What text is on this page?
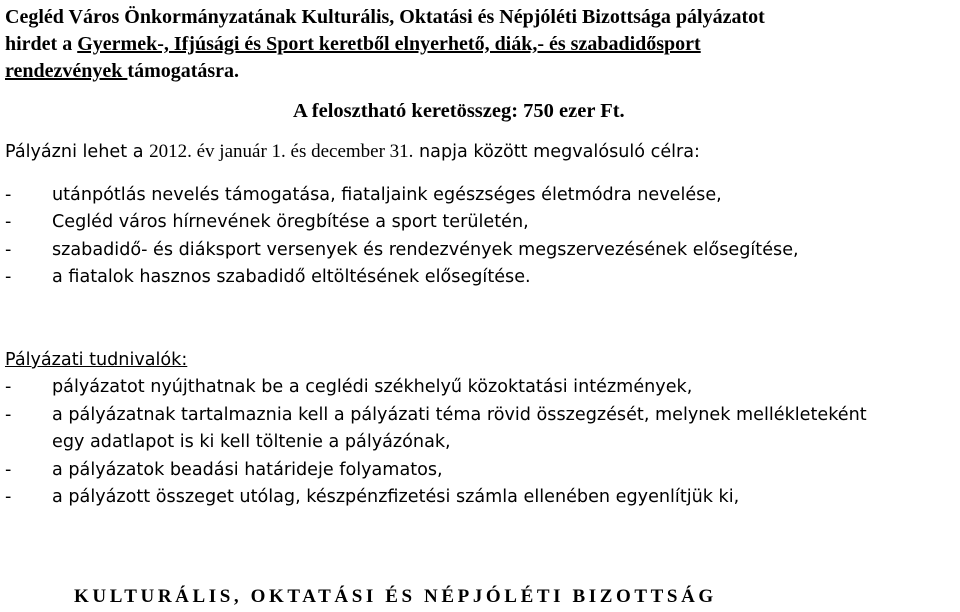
Cegléd Város Önkormányzatának Kulturális, Oktatási és Népjóléti Bizottsága pályázatot
hirdet a Gyermek-, Ifjúsági és Sport keretből elnyerhető, diák,- és szabadidősport
rendezvények támogatásra.
A felosztható keretösszeg: 750 ezer Ft.
Pályázni lehet a 2012. év január 1. és december 31. napja között megvalósuló célra:
-	utánpótlás nevelés támogatása, fiataljaink egészséges életmódra nevelése,
-	Cegléd város hírnevének öregbítése a sport területén,
-	szabadidő- és diáksport versenyek és rendezvények megszervezésének elősegítése,
-	a fiatalok hasznos szabadidő eltöltésének elősegítése.
Pályázati tudnivalók:
-	pályázatot nyújthatnak be a ceglédi székhelyű közoktatási intézmények,
-	a pályázatnak tartalmaznia kell a pályázati téma rövid összegzését, melynek mellékleteként
egy adatlapot is ki kell töltenie a pályázónak,
-	a pályázatok beadási határideje folyamatos,
-	a pályázott összeget utólag, készpénzfizetési számla ellenében egyenlítjük ki,
KULTURÁLIS, OKTATÁSI ÉS NÉPJÓLÉTI BIZOTTSÁG
